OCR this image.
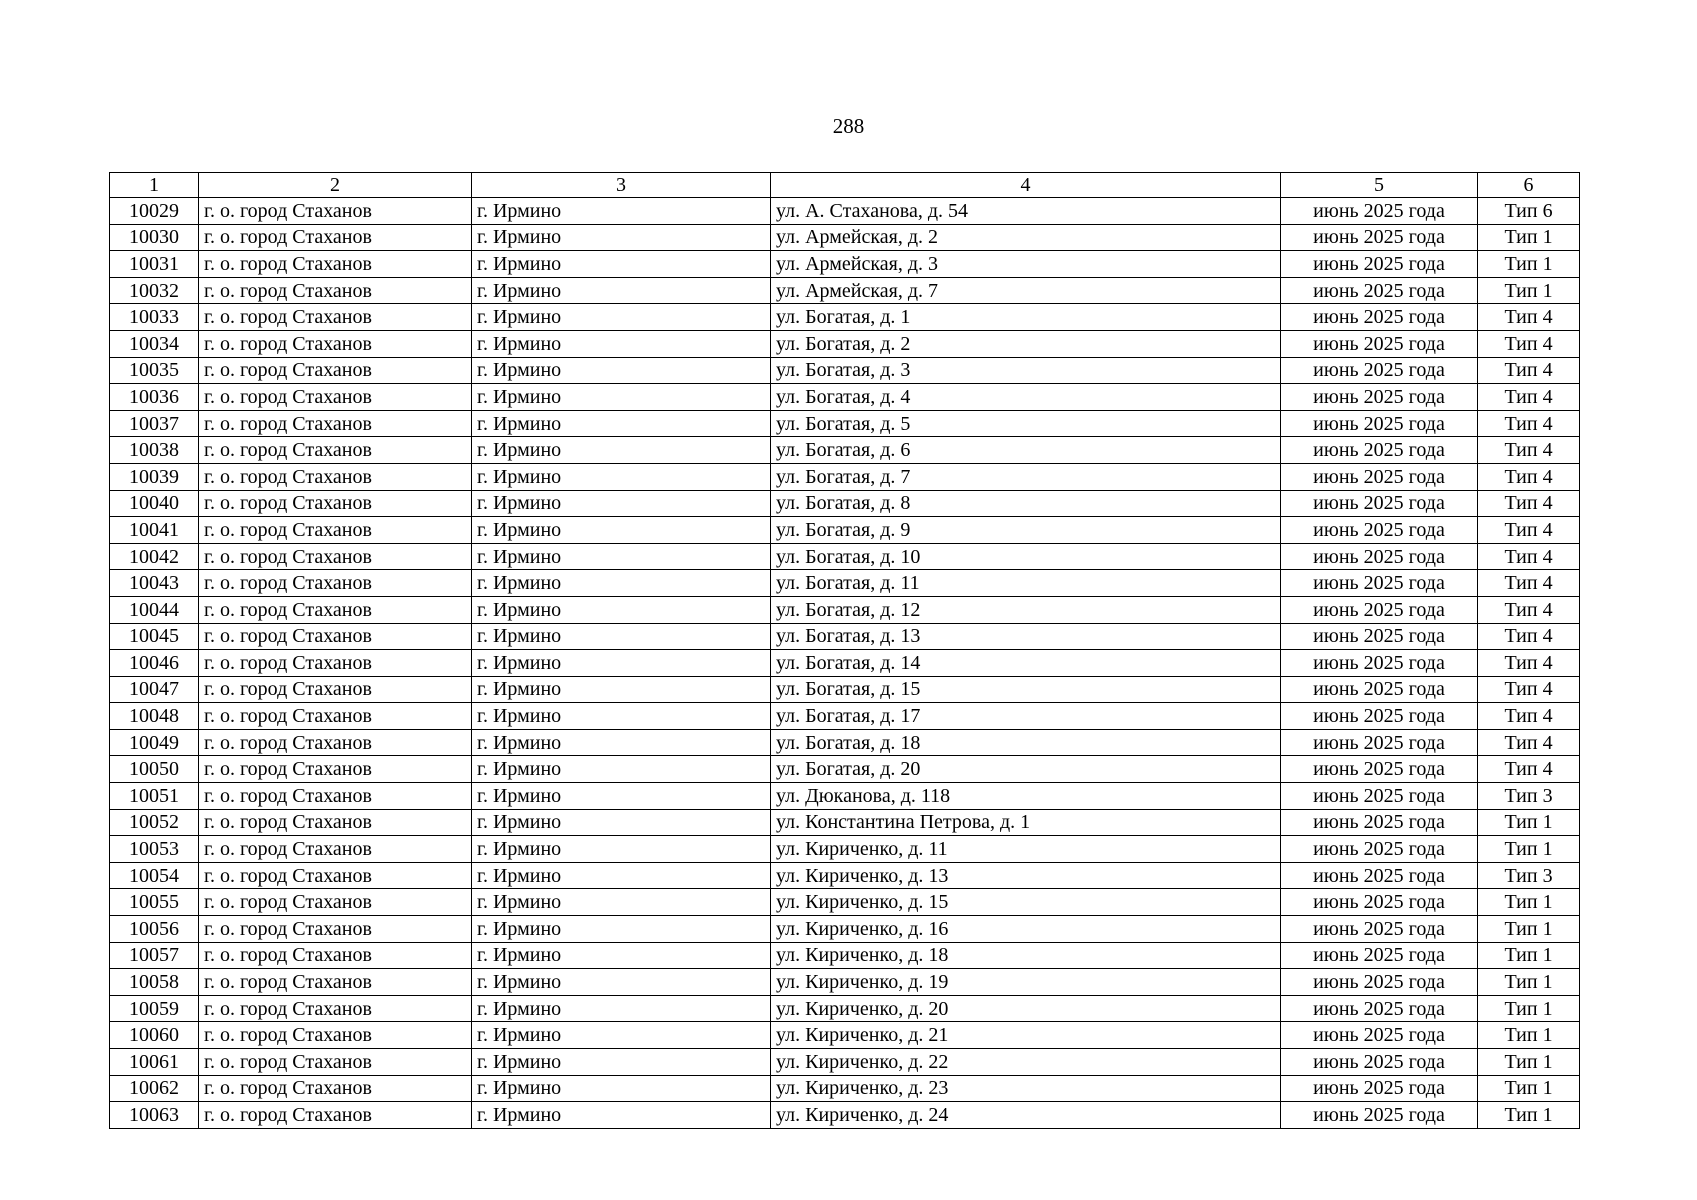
288
1	2	3	4	5	6
10029	г. о. город Стаханов	г. Ирмино	ул. А. Стаханова, д. 54	июнь 2025 года	Тип 6
10030	г. о. город Стаханов	г. Ирмино	ул. Армейская, д. 2	июнь 2025 года	Тип 1
10031	г. о. город Стаханов	г. Ирмино	ул. Армейская, д. 3	июнь 2025 года	Тип 1
10032	г. о. город Стаханов	г. Ирмино	ул. Армейская, д. 7	июнь 2025 года	Тип 1
10033	г. о. город Стаханов	г. Ирмино	ул. Богатая, д. 1	июнь 2025 года	Тип 4
10034	г. о. город Стаханов	г. Ирмино	ул. Богатая, д. 2	июнь 2025 года	Тип 4
10035	г. о. город Стаханов	г. Ирмино	ул. Богатая, д. 3	июнь 2025 года	Тип 4
10036	г. о. город Стаханов	г. Ирмино	ул. Богатая, д. 4	июнь 2025 года	Тип 4
10037	г. о. город Стаханов	г. Ирмино	ул. Богатая, д. 5	июнь 2025 года	Тип 4
10038	г. о. город Стаханов	г. Ирмино	ул. Богатая, д. 6	июнь 2025 года	Тип 4
10039	г. о. город Стаханов	г. Ирмино	ул. Богатая, д. 7	июнь 2025 года	Тип 4
10040	г. о. город Стаханов	г. Ирмино	ул. Богатая, д. 8	июнь 2025 года	Тип 4
10041	г. о. город Стаханов	г. Ирмино	ул. Богатая, д. 9	июнь 2025 года	Тип 4
10042	г. о. город Стаханов	г. Ирмино	ул. Богатая, д. 10	июнь 2025 года	Тип 4
10043	г. о. город Стаханов	г. Ирмино	ул. Богатая, д. 11	июнь 2025 года	Тип 4
10044	г. о. город Стаханов	г. Ирмино	ул. Богатая, д. 12	июнь 2025 года	Тип 4
10045	г. о. город Стаханов	г. Ирмино	ул. Богатая, д. 13	июнь 2025 года	Тип 4
10046	г. о. город Стаханов	г. Ирмино	ул. Богатая, д. 14	июнь 2025 года	Тип 4
10047	г. о. город Стаханов	г. Ирмино	ул. Богатая, д. 15	июнь 2025 года	Тип 4
10048	г. о. город Стаханов	г. Ирмино	ул. Богатая, д. 17	июнь 2025 года	Тип 4
10049	г. о. город Стаханов	г. Ирмино	ул. Богатая, д. 18	июнь 2025 года	Тип 4
10050	г. о. город Стаханов	г. Ирмино	ул. Богатая, д. 20	июнь 2025 года	Тип 4
10051	г. о. город Стаханов	г. Ирмино	ул. Дюканова, д. 118	июнь 2025 года	Тип 3
10052	г. о. город Стаханов	г. Ирмино	ул. Константина Петрова, д. 1	июнь 2025 года	Тип 1
10053	г. о. город Стаханов	г. Ирмино	ул. Кириченко, д. 11	июнь 2025 года	Тип 1
10054	г. о. город Стаханов	г. Ирмино	ул. Кириченко, д. 13	июнь 2025 года	Тип 3
10055	г. о. город Стаханов	г. Ирмино	ул. Кириченко, д. 15	июнь 2025 года	Тип 1
10056	г. о. город Стаханов	г. Ирмино	ул. Кириченко, д. 16	июнь 2025 года	Тип 1
10057	г. о. город Стаханов	г. Ирмино	ул. Кириченко, д. 18	июнь 2025 года	Тип 1
10058	г. о. город Стаханов	г. Ирмино	ул. Кириченко, д. 19	июнь 2025 года	Тип 1
10059	г. о. город Стаханов	г. Ирмино	ул. Кириченко, д. 20	июнь 2025 года	Тип 1
10060	г. о. город Стаханов	г. Ирмино	ул. Кириченко, д. 21	июнь 2025 года	Тип 1
10061	г. о. город Стаханов	г. Ирмино	ул. Кириченко, д. 22	июнь 2025 года	Тип 1
10062	г. о. город Стаханов	г. Ирмино	ул. Кириченко, д. 23	июнь 2025 года	Тип 1
10063	г. о. город Стаханов	г. Ирмино	ул. Кириченко, д. 24	июнь 2025 года	Тип 1
